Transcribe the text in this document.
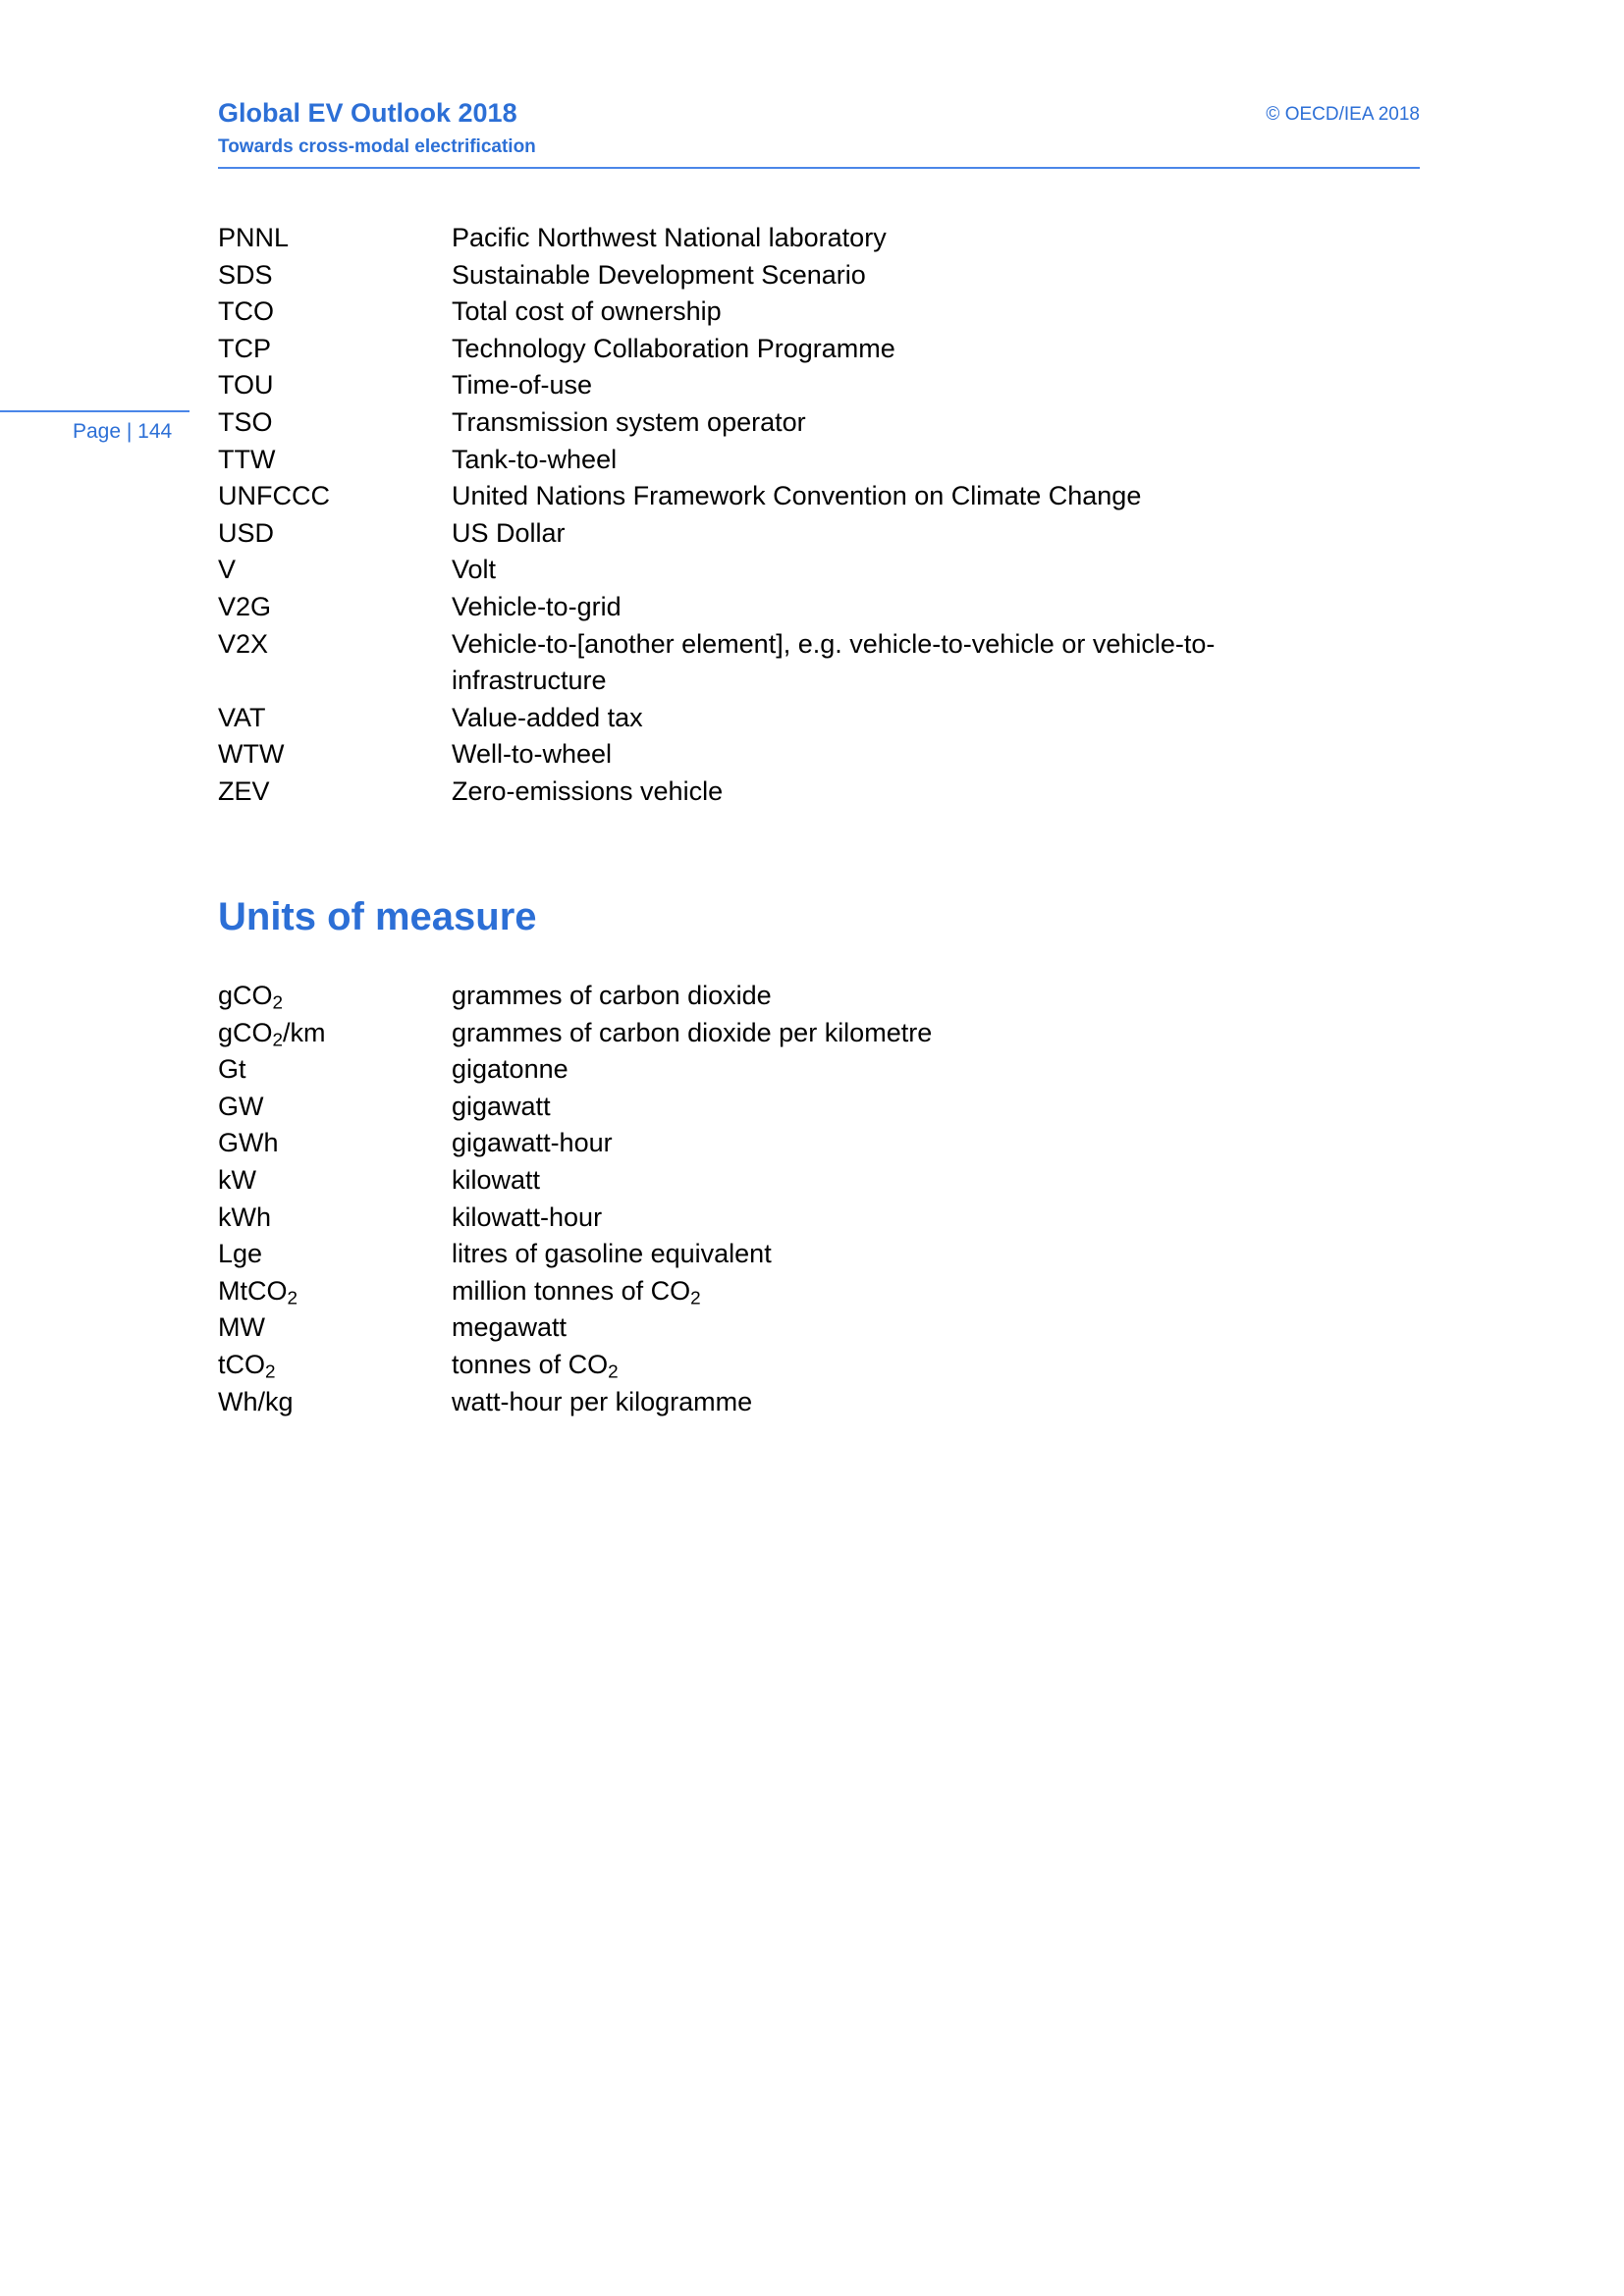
Global EV Outlook 2018
Towards cross-modal electrification
© OECD/IEA 2018
Page | 144
PNNL	Pacific Northwest National laboratory
SDS	Sustainable Development Scenario
TCO	Total cost of ownership
TCP	Technology Collaboration Programme
TOU	Time-of-use
TSO	Transmission system operator
TTW	Tank-to-wheel
UNFCCC	United Nations Framework Convention on Climate Change
USD	US Dollar
V	Volt
V2G	Vehicle-to-grid
V2X	Vehicle-to-[another element], e.g. vehicle-to-vehicle or vehicle-to-infrastructure
VAT	Value-added tax
WTW	Well-to-wheel
ZEV	Zero-emissions vehicle
Units of measure
gCO$_2$	grammes of carbon dioxide
gCO$_2$/km	grammes of carbon dioxide per kilometre
Gt	gigatonne
GW	gigawatt
GWh	gigawatt-hour
kW	kilowatt
kWh	kilowatt-hour
Lge	litres of gasoline equivalent
MtCO$_2$	million tonnes of $CO_2$
MW	megawatt
tCO$_2$	tonnes of $CO_2$
Wh/kg	watt-hour per kilogramme
